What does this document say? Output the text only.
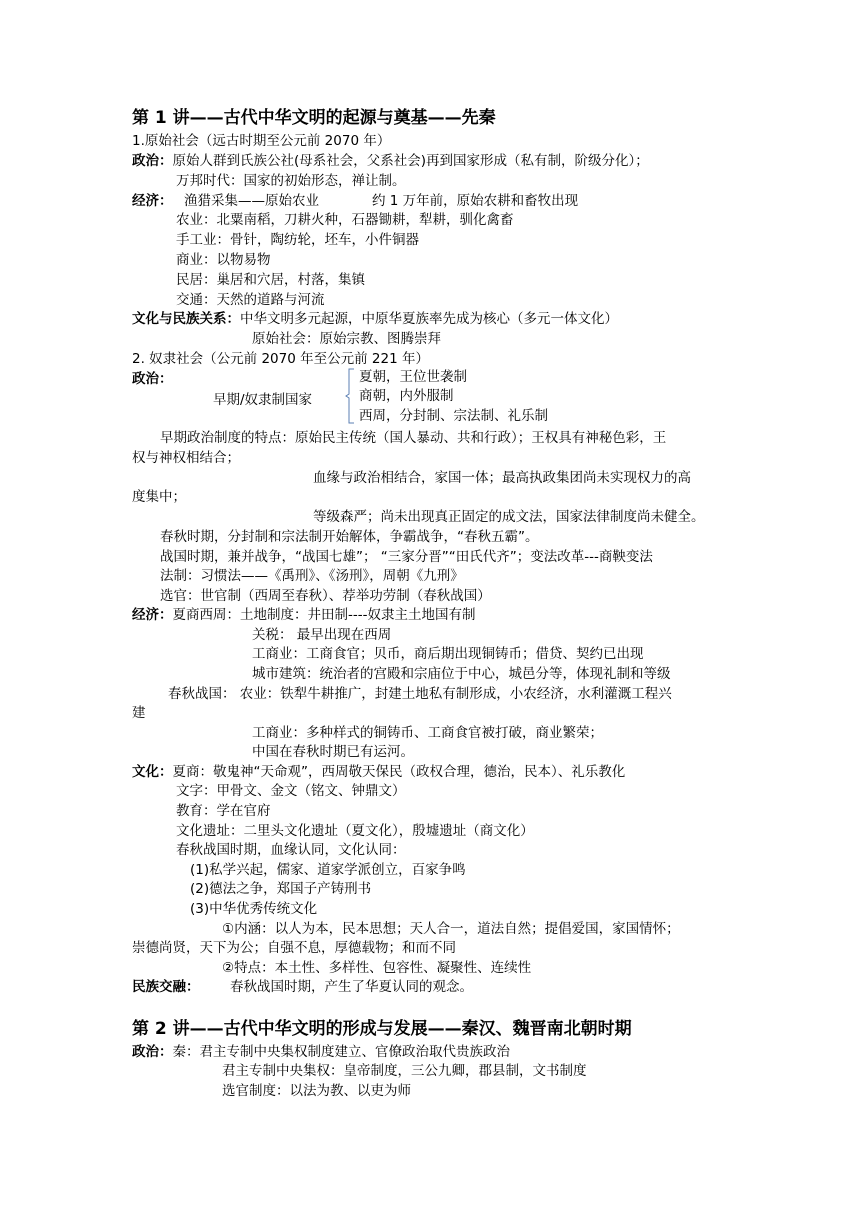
第 1 讲——古代中华文明的起源与奠基——先秦
1.原始社会（远古时期至公元前 2070 年）
政治：原始人群到氏族公社(母系社会，父系社会)再到国家形成（私有制，阶级分化）；
万邦时代：国家的初始形态，禅让制。
经济： 渔猎采集——原始农业	约 1 万年前，原始农耕和畜牧出现
农业：北粟南稻，刀耕火种，石器锄耕，犁耕，驯化禽畜
手工业：骨针，陶纺轮，坯车，小件铜器
商业：以物易物
民居：巢居和穴居，村落，集镇
交通：天然的道路与河流
文化与民族关系：中华文明多元起源，中原华夏族率先成为核心（多元一体文化）
原始社会：原始宗教、图腾崇拜
2. 奴隶社会（公元前 2070 年至公元前 221 年）
政治：
早期/奴隶制国家
夏朝，王位世袭制
商朝，内外服制
西周，分封制、宗法制、礼乐制
早期政治制度的特点：原始民主传统（国人暴动、共和行政）；王权具有神秘色彩，王
权与神权相结合；
血缘与政治相结合，家国一体；最高执政集团尚未实现权力的高
度集中；
等级森严；尚未出现真正固定的成文法，国家法律制度尚未健全。
春秋时期，分封制和宗法制开始解体，争霸战争，“春秋五霸”。
战国时期，兼并战争，“战国七雄”； “三家分晋”“田氏代齐”；变法改革---商鞅变法
法制：习惯法——《禹刑》、《汤刑》，周朝《九刑》
选官：世官制（西周至春秋）、荐举功劳制（春秋战国）
经济：夏商西周：土地制度：井田制----奴隶主土地国有制
关税： 最早出现在西周
工商业：工商食官；贝币，商后期出现铜铸币；借贷、契约已出现
城市建筑：统治者的宫殿和宗庙位于中心，城邑分等，体现礼制和等级
春秋战国： 农业：铁犁牛耕推广，封建土地私有制形成，小农经济，水利灌溉工程兴
建
工商业：多种样式的铜铸币、工商食官被打破，商业繁荣；
中国在春秋时期已有运河。
文化：夏商：敬鬼神“天命观”，西周敬天保民（政权合理，德治，民本）、礼乐教化
文字：甲骨文、金文（铭文、钟鼎文）
教育：学在官府
文化遗址：二里头文化遗址（夏文化），殷墟遗址（商文化）
春秋战国时期，血缘认同，文化认同：
(1)私学兴起，儒家、道家学派创立，百家争鸣
(2)德法之争，郑国子产铸刑书
(3)中华优秀传统文化
①内涵：以人为本，民本思想；天人合一，道法自然；提倡爱国，家国情怀；
崇德尚贤，天下为公；自强不息，厚德载物；和而不同
②特点：本土性、多样性、包容性、凝聚性、连续性
民族交融： 春秋战国时期，产生了华夏认同的观念。
第 2 讲——古代中华文明的形成与发展——秦汉、魏晋南北朝时期
政治：秦：君主专制中央集权制度建立、官僚政治取代贵族政治
君主专制中央集权：皇帝制度，三公九卿，郡县制，文书制度
选官制度：以法为教、以吏为师
